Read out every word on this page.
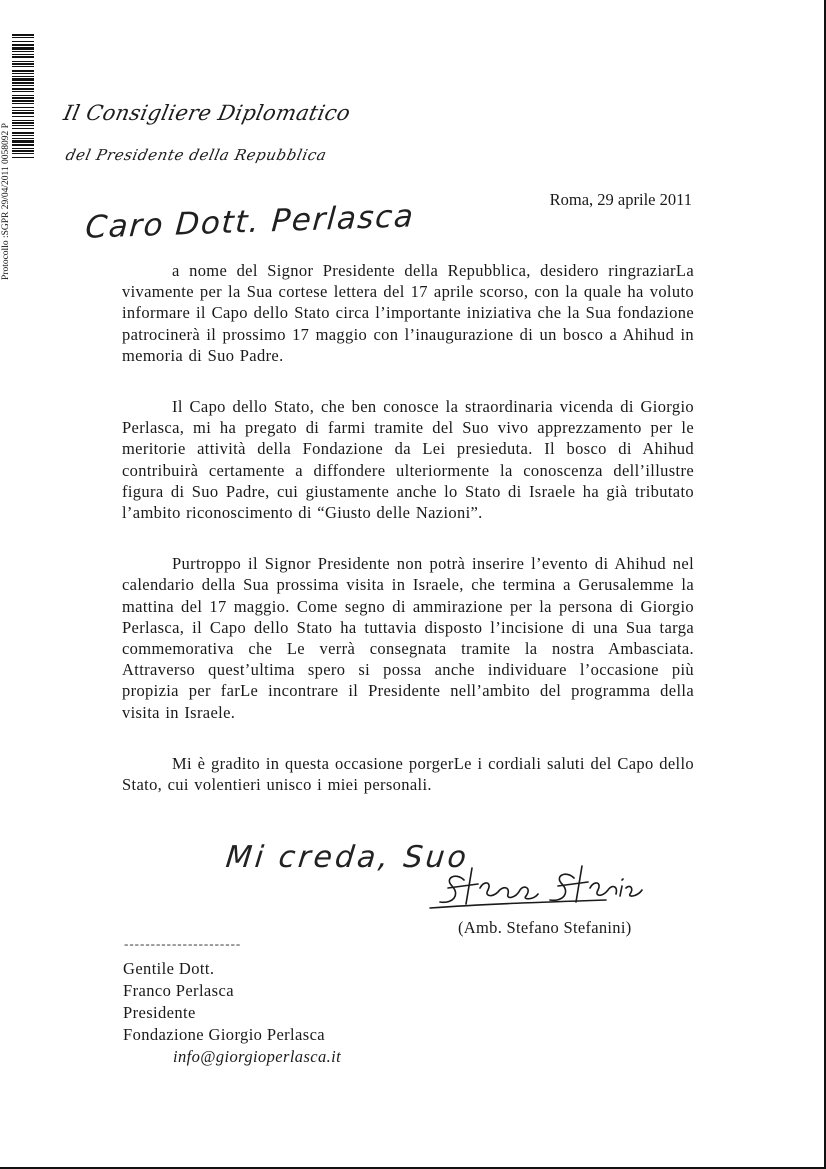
Protocollo :SGPR 29/04/2011 0058092 P
Il Consigliere Diplomatico
del Presidente della Repubblica
Roma, 29 aprile 2011
Caro Dott. Perlasca

a nome del Signor Presidente della Repubblica, desidero ringraziarLa vivamente per la Sua cortese lettera del 17 aprile scorso, con la quale ha voluto informare il Capo dello Stato circa l’importante iniziativa che la Sua fondazione patrocinerà il prossimo 17 maggio con l’inaugurazione di un bosco a Ahihud in memoria di Suo Padre.

Il Capo dello Stato, che ben conosce la straordinaria vicenda di Giorgio Perlasca, mi ha pregato di farmi tramite del Suo vivo apprezzamento per le meritorie attività della Fondazione da Lei presieduta. Il bosco di Ahihud contribuirà certamente a diffondere ulteriormente la conoscenza dell’illustre figura di Suo Padre, cui giustamente anche lo Stato di Israele ha già tributato l’ambito riconoscimento di “Giusto delle Nazioni”.

Purtroppo il Signor Presidente non potrà inserire l’evento di Ahihud nel calendario della Sua prossima visita in Israele, che termina a Gerusalemme la mattina del 17 maggio. Come segno di ammirazione per la persona di Giorgio Perlasca, il Capo dello Stato ha tuttavia disposto l’incisione di una Sua targa commemorativa che Le verrà consegnata tramite la nostra Ambasciata. Attraverso quest’ultima spero si possa anche individuare l’occasione più propizia per farLe incontrare il Presidente nell’ambito del programma della visita in Israele.

Mi è gradito in questa occasione porgerLe i cordiali saluti del Capo dello Stato, cui volentieri unisco i miei personali.

Mi creda, Suo
(Amb. Stefano Stefanini)
----------------------
Gentile Dott.
Franco Perlasca
Presidente
Fondazione Giorgio Perlasca
info@giorgioperlasca.it
